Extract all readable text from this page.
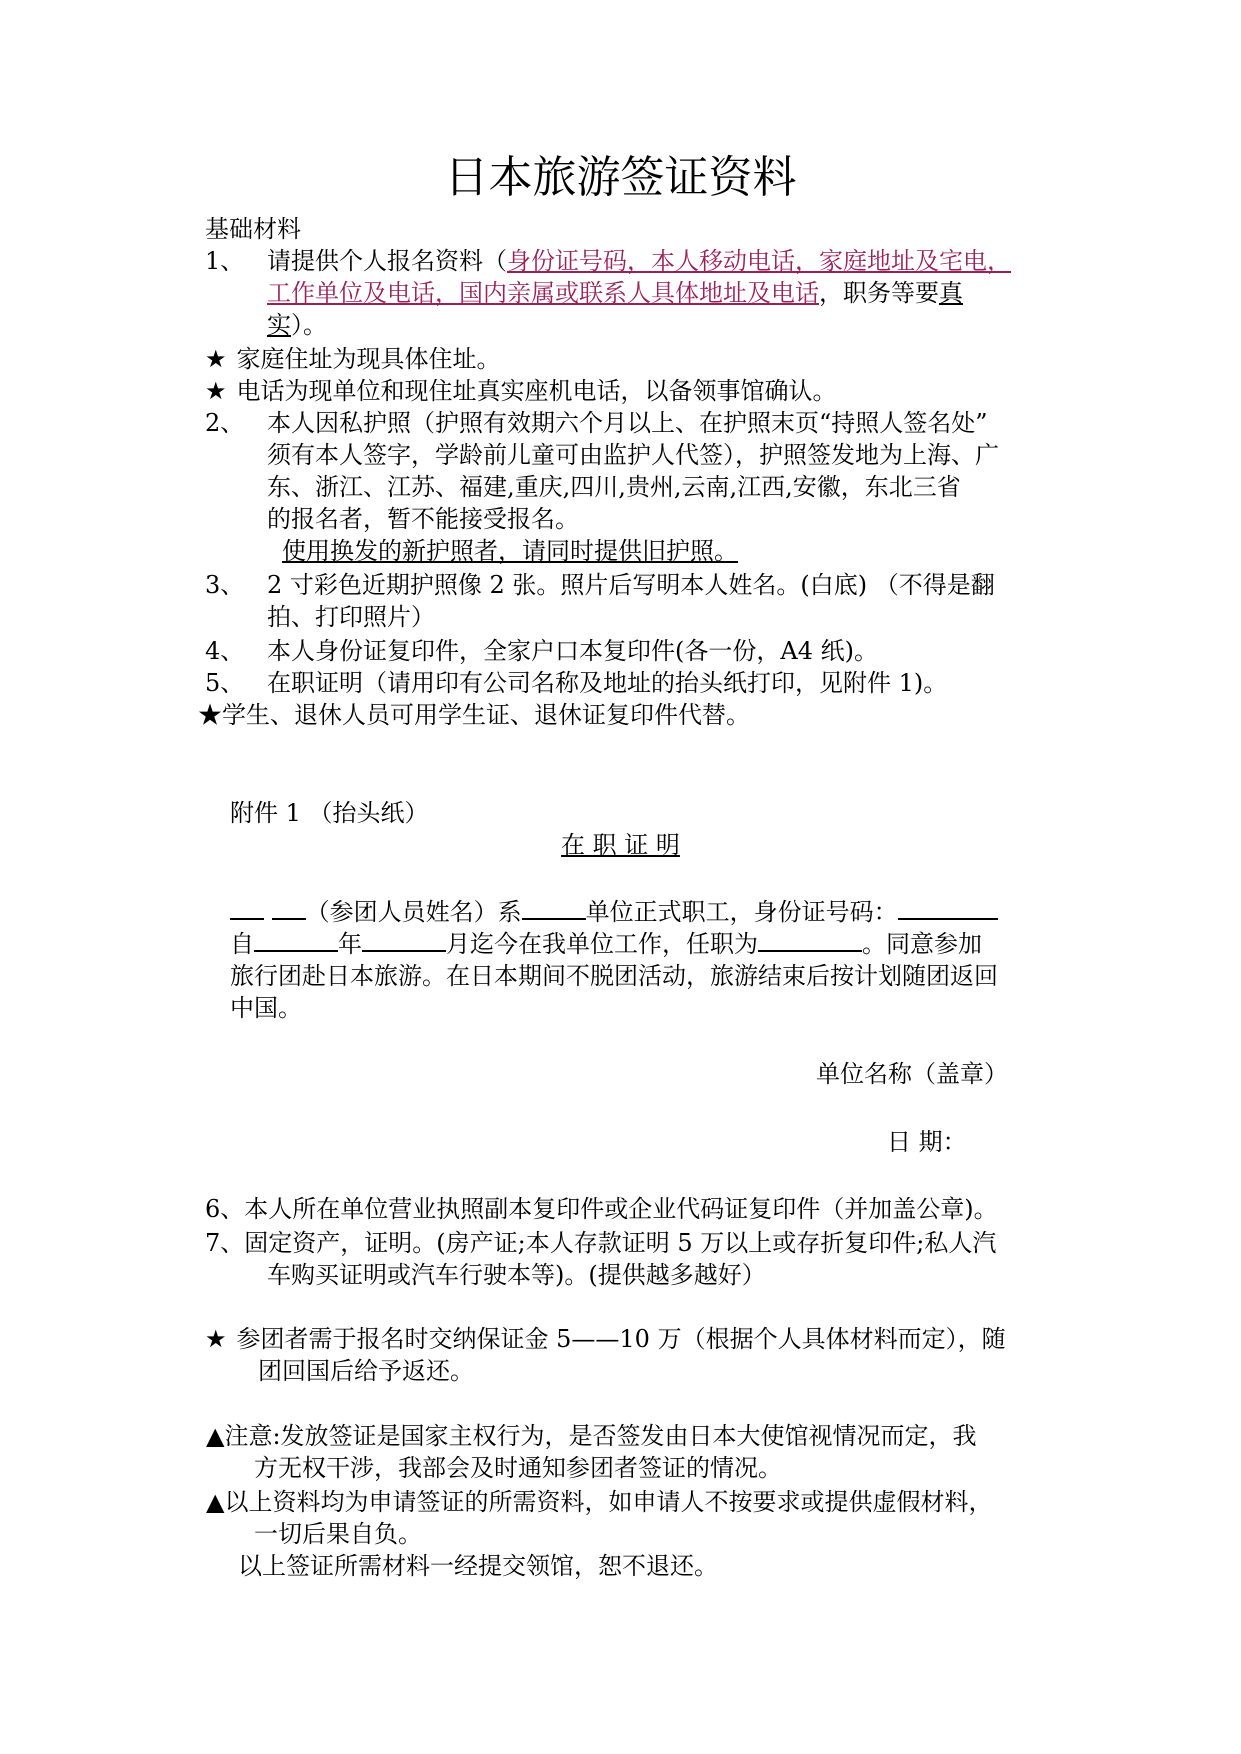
日本旅游签证资料
基础材料
1、 请提供个人报名资料（身份证号码，本人移动电话，家庭地址及宅电，
工作单位及电话，国内亲属或联系人具体地址及电话，职务等要真
实）。
★ 家庭住址为现具体住址。
★ 电话为现单位和现住址真实座机电话，以备领事馆确认。
2、 本人因私护照（护照有效期六个月以上、在护照末页“持照人签名处”
须有本人签字，学龄前儿童可由监护人代签），护照签发地为上海、广
东、浙江、江苏、福建,重庆,四川,贵州,云南,江西,安徽，东北三省
的报名者，暂不能接受报名。
使用换发的新护照者，请同时提供旧护照。
3、 2 寸彩色近期护照像 2 张。照片后写明本人姓名。(白底) （不得是翻
拍、打印照片）
4、 本人身份证复印件，全家户口本复印件(各一份，A4 纸)。
5、 在职证明（请用印有公司名称及地址的抬头纸打印，见附件 1)。
★学生、退休人员可用学生证、退休证复印件代替。
附件 1 （抬头纸）
在 职 证 明
（参团人员姓名）系	单位正式职工，身份证号码：
自	年	月迄今在我单位工作，任职为	。同意参加
旅行团赴日本旅游。在日本期间不脱团活动，旅游结束后按计划随团返回
中国。
单位名称（盖章）
日 期：
6、本人所在单位营业执照副本复印件或企业代码证复印件（并加盖公章)。
7、固定资产，证明。(房产证;本人存款证明 5 万以上或存折复印件;私人汽
车购买证明或汽车行驶本等)。(提供越多越好）
★ 参团者需于报名时交纳保证金 5——10 万（根据个人具体材料而定），随
团回国后给予返还。
▲注意:发放签证是国家主权行为，是否签发由日本大使馆视情况而定，我
方无权干涉，我部会及时通知参团者签证的情况。
▲以上资料均为申请签证的所需资料，如申请人不按要求或提供虚假材料，
一切后果自负。
以上签证所需材料一经提交领馆，恕不退还。
